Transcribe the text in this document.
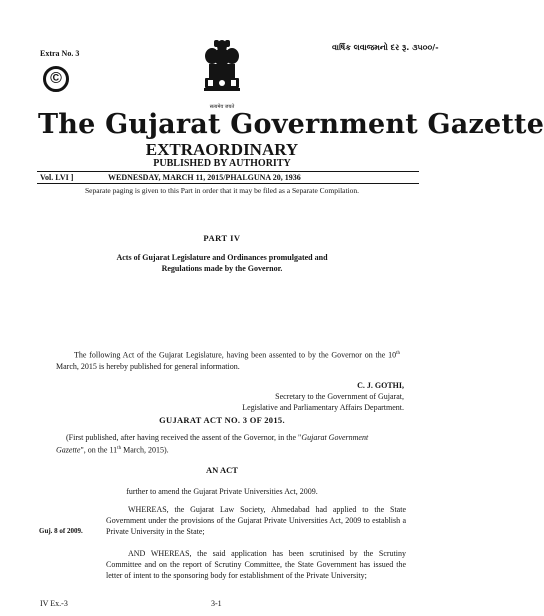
Extra No. 3
વાર્ષિક લવાજમનો દર રૂ. ૩૫૦૦/-
©
सत्यमेव जयते
The Gujarat Government Gazette
EXTRAORDINARY
PUBLISHED BY AUTHORITY
Vol. LVI ]	WEDNESDAY, MARCH 11, 2015/PHALGUNA 20, 1936
Separate paging is given to this Part in order that it may be filed as a Separate Compilation.
PART IV
Acts of Gujarat Legislature and Ordinances promulgated and
Regulations made by the Governor.
The following Act of the Gujarat Legislature, having been assented to by the Governor on the 10th March, 2015 is hereby published for general information.
C. J. GOTHI,
Secretary to the Government of Gujarat,
Legislative and Parliamentary Affairs Department.
GUJARAT ACT NO. 3 OF 2015.
(First published, after having received the assent of the Governor, in the "Gujarat Government Gazette", on the 11th March, 2015).
AN ACT
further to amend the Gujarat Private Universities Act, 2009.
WHEREAS, the Gujarat Law Society, Ahmedabad had applied to the State Government under the provisions of the Gujarat Private Universities Act, 2009 to establish a Private University in the State;
Guj. 8 of 2009.
AND WHEREAS, the said application has been scrutinised by the Scrutiny Committee and on the report of Scrutiny Committee, the State Government has issued the letter of intent to the sponsoring body for establishment of the Private University;
IV Ex.-3	3-1
